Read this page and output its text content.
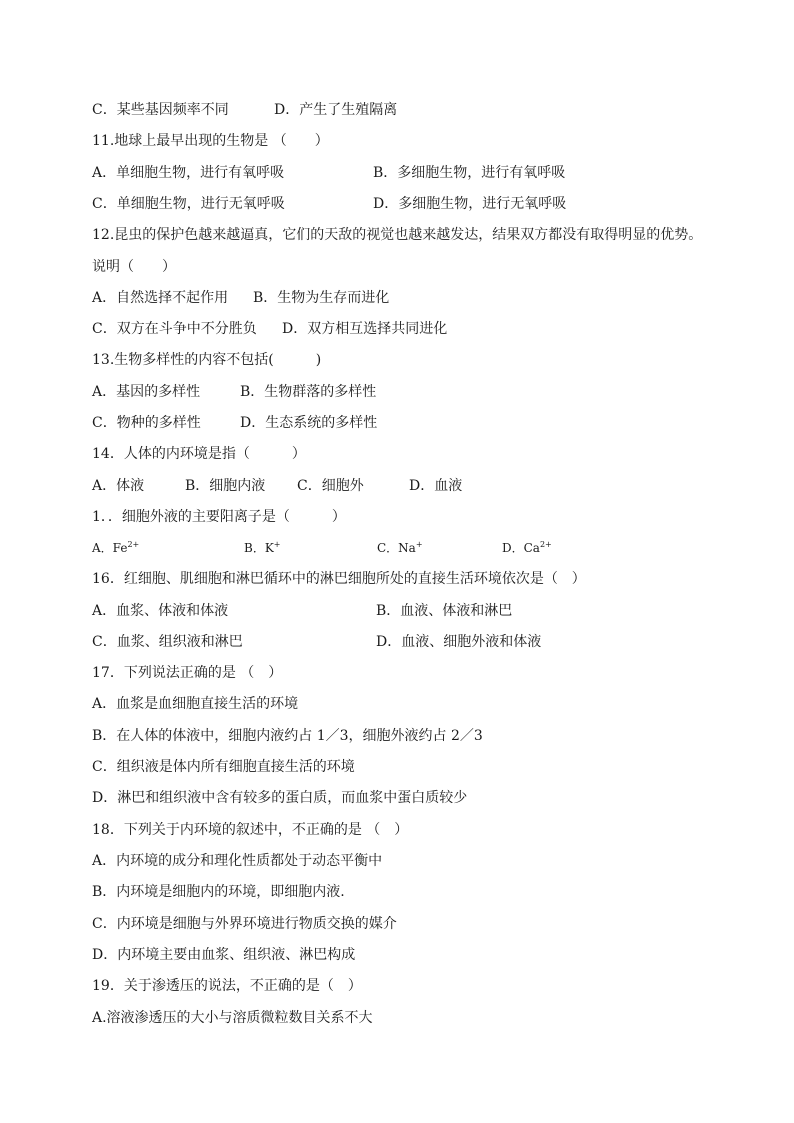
C．某些基因频率不同	D．产生了生殖隔离
11.地球上最早出现的生物是 （　　）
A．单细胞生物，进行有氧呼吸	B．多细胞生物，进行有氧呼吸
C．单细胞生物，进行无氧呼吸	D．多细胞生物，进行无氧呼吸
12.昆虫的保护色越来越逼真，它们的天敌的视觉也越来越发达，结果双方都没有取得明显的优势。
说明（　　）
A．自然选择不起作用 B．生物为生存而进化
C．双方在斗争中不分胜负 D．双方相互选择共同进化
13.生物多样性的内容不包括(　　　)
A．基因的多样性	B．生物群落的多样性
C．物种的多样性	D．生态系统的多样性
14．人体的内环境是指（　　　）
A．体液	B．细胞内液 C．细胞外	D．血液
1．．细胞外液的主要阳离子是（　　　）
A．$Fe^{2+}$	B．K+	C．Na+	D．$Ca^{2+}$
16．红细胞、肌细胞和淋巴循环中的淋巴细胞所处的直接生活环境依次是（　）
A．血浆、体液和体液	B．血液、体液和淋巴
C．血浆、组织液和淋巴	D．血液、细胞外液和体液
17．下列说法正确的是 （　）
A．血浆是血细胞直接生活的环境
B．在人体的体液中，细胞内液约占 1／3，细胞外液约占 2／3
C．组织液是体内所有细胞直接生活的环境
D．淋巴和组织液中含有较多的蛋白质，而血浆中蛋白质较少
18．下列关于内环境的叙述中，不正确的是 （　）
A．内环境的成分和理化性质都处于动态平衡中
B．内环境是细胞内的环境，即细胞内液.
C．内环境是细胞与外界环境进行物质交换的媒介
D．内环境主要由血浆、组织液、淋巴构成
19．关于渗透压的说法，不正确的是（　）
A.溶液渗透压的大小与溶质微粒数目关系不大
